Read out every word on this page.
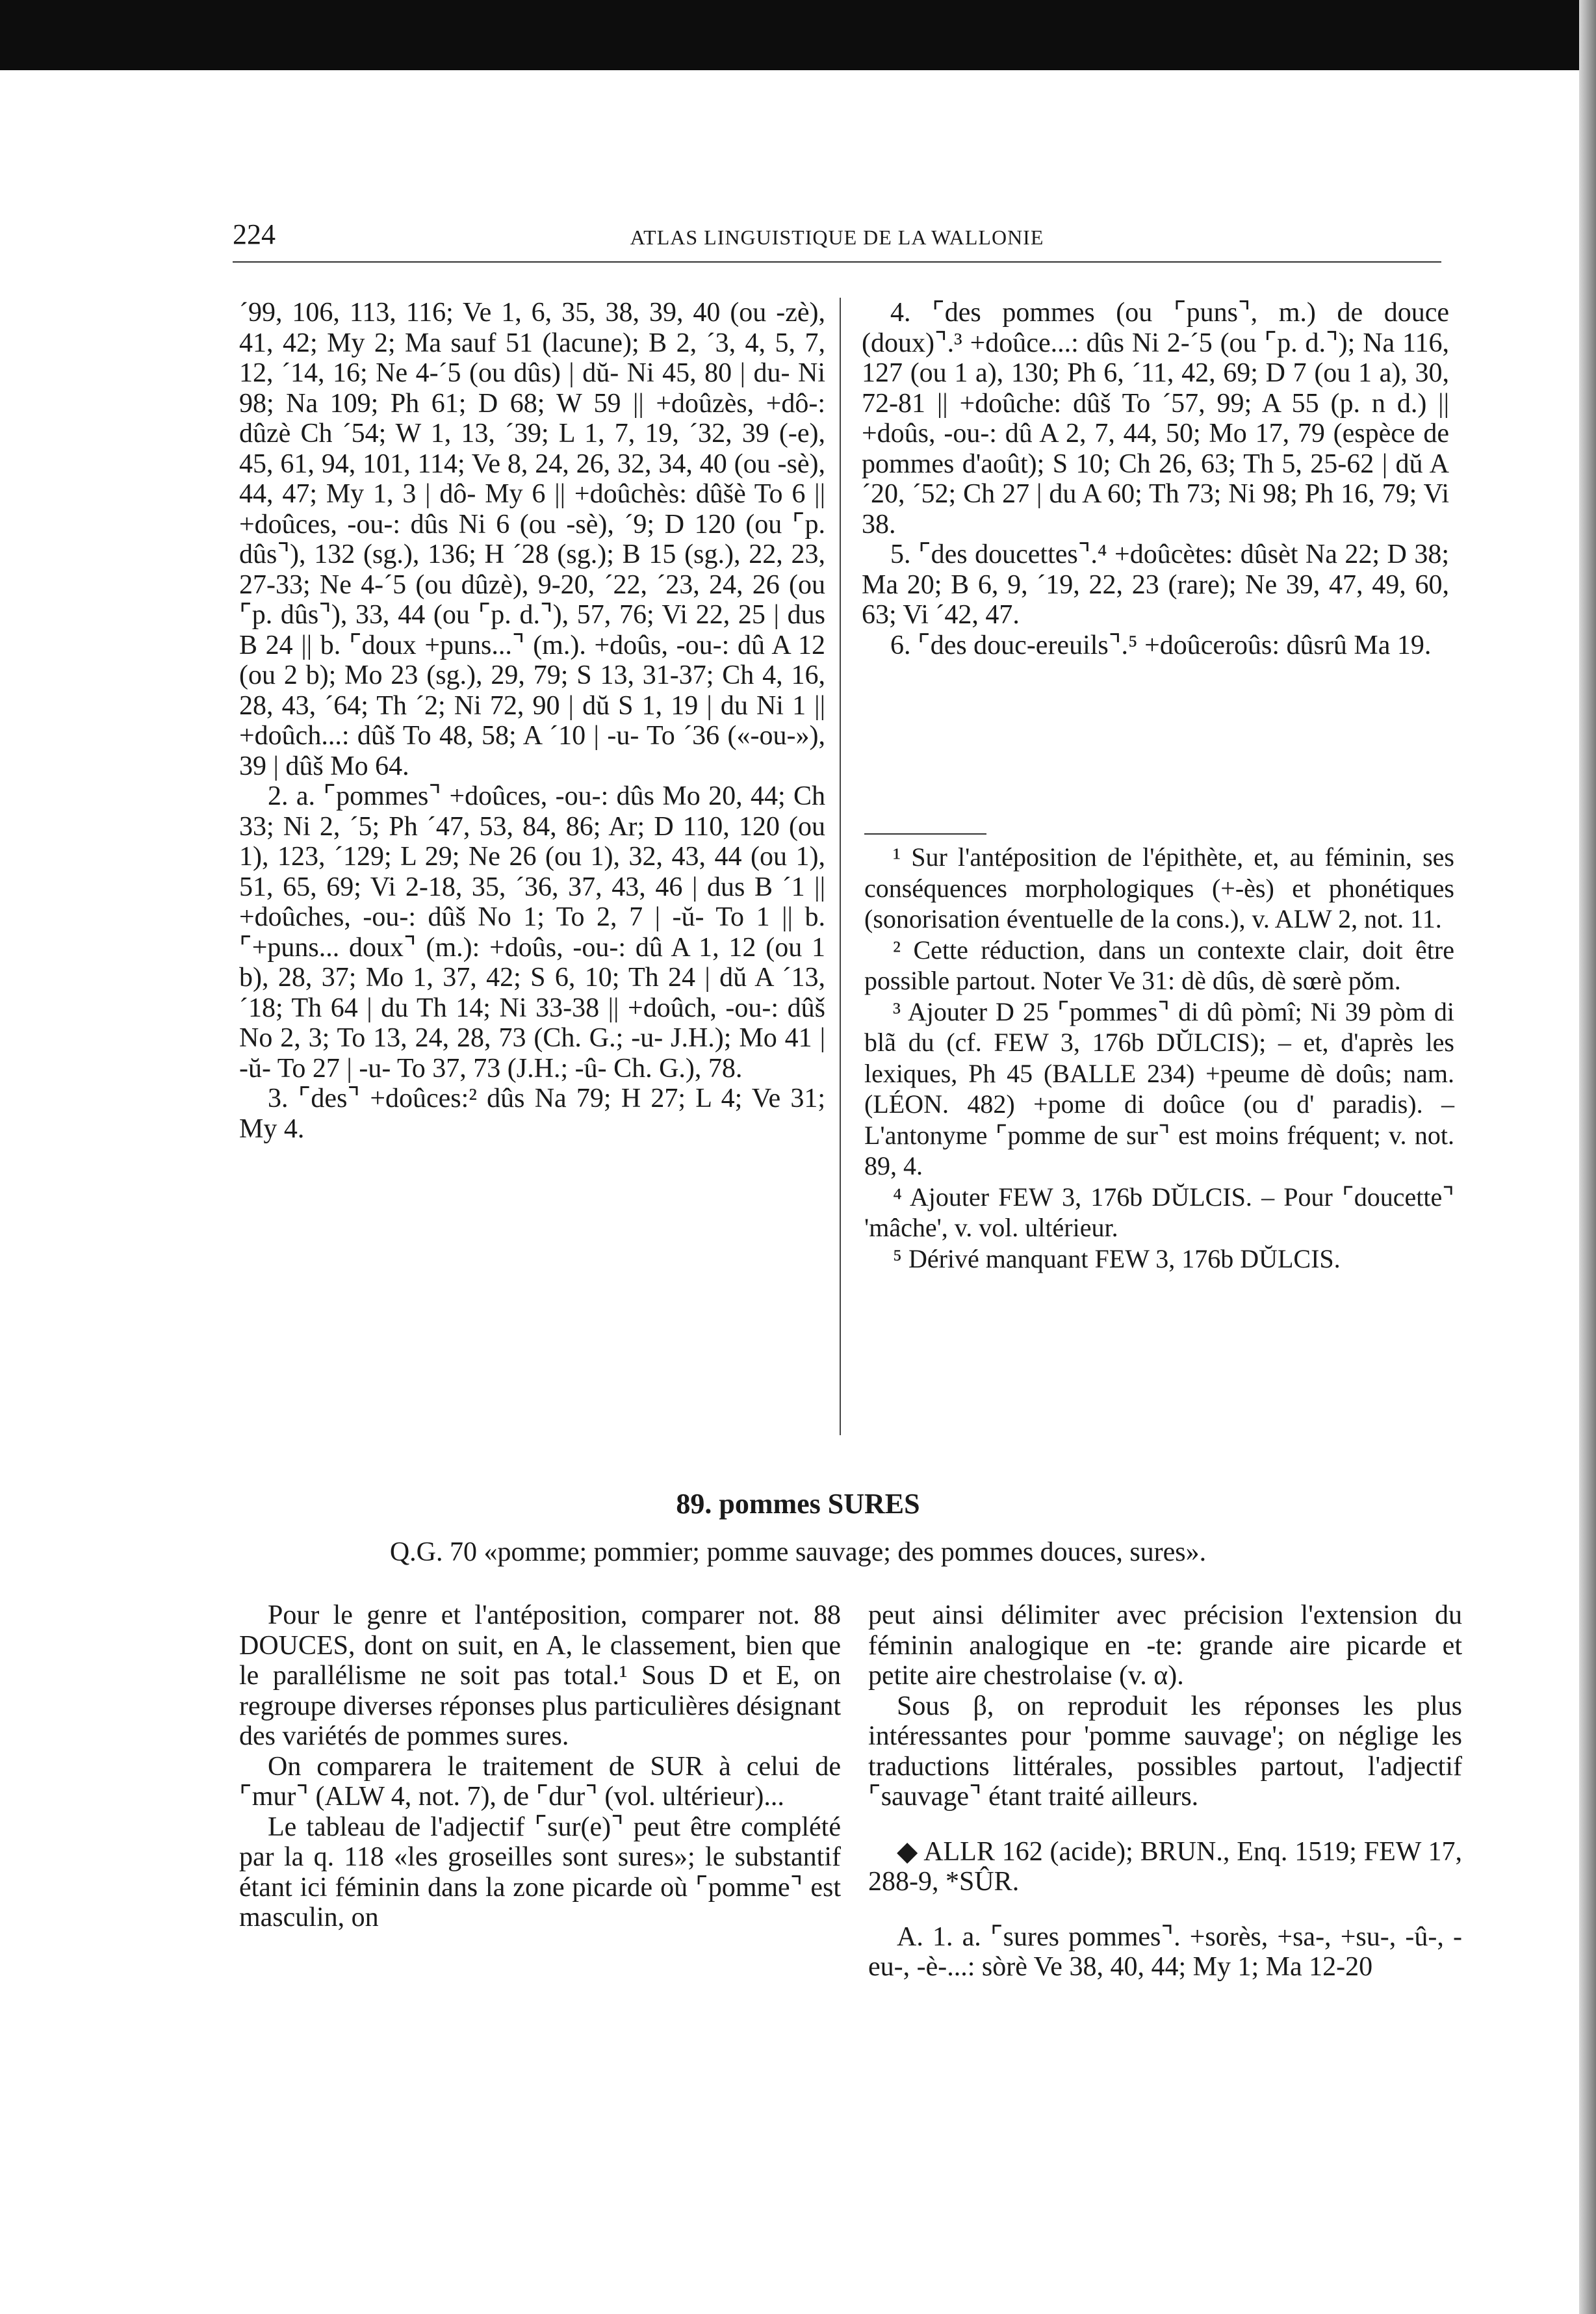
224	ATLAS LINGUISTIQUE DE LA WALLONIE

´99, 106, 113, 116; Ve 1, 6, 35, 38, 39, 40 (ou -zè), 41, 42; My 2; Ma sauf 51 (lacune); B 2, ´3, 4, 5, 7, 12, ´14, 16; Ne 4-´5 (ou dûs) | dŭ- Ni 45, 80 | du- Ni 98; Na 109; Ph 61; D 68; W 59 || +doûzès, +dô-: dûzè Ch ´54; W 1, 13, ´39; L 1, 7, 19, ´32, 39 (-e), 45, 61, 94, 101, 114; Ve 8, 24, 26, 32, 34, 40 (ou -sè), 44, 47; My 1, 3 | dô- My 6 || +doûchès: dûšè To 6 || +doûces, -ou-: dûs Ni 6 (ou -sè), ´9; D 120 (ou ⌜p. dûs⌝), 132 (sg.), 136; H ´28 (sg.); B 15 (sg.), 22, 23, 27-33; Ne 4-´5 (ou dûzè), 9-20, ´22, ´23, 24, 26 (ou ⌜p. dûs⌝), 33, 44 (ou ⌜p. d.⌝), 57, 76; Vi 22, 25 | dus B 24 || b. ⌜doux +puns...⌝ (m.). +doûs, -ou-: dû A 12 (ou 2 b); Mo 23 (sg.), 29, 79; S 13, 31-37; Ch 4, 16, 28, 43, ´64; Th ´2; Ni 72, 90 | dŭ S 1, 19 | du Ni 1 || +doûch...: dûš To 48, 58; A ´10 | -u- To ´36 («-ou-»), 39 | dûš Mo 64.

2. a. ⌜pommes⌝ +doûces, -ou-: dûs Mo 20, 44; Ch 33; Ni 2, ´5; Ph ´47, 53, 84, 86; Ar; D 110, 120 (ou 1), 123, ´129; L 29; Ne 26 (ou 1), 32, 43, 44 (ou 1), 51, 65, 69; Vi 2-18, 35, ´36, 37, 43, 46 | dus B ´1 || +doûches, -ou-: dûš No 1; To 2, 7 | -ŭ- To 1 || b. ⌜+puns... doux⌝ (m.): +doûs, -ou-: dû A 1, 12 (ou 1 b), 28, 37; Mo 1, 37, 42; S 6, 10; Th 24 | dŭ A ´13, ´18; Th 64 | du Th 14; Ni 33-38 || +doûch, -ou-: dûš No 2, 3; To 13, 24, 28, 73 (Ch. G.; -u- J.H.); Mo 41 | -ŭ- To 27 | -u- To 37, 73 (J.H.; -û- Ch. G.), 78.

3. ⌜des⌝ +doûces:² dûs Na 79; H 27; L 4; Ve 31; My 4.

4. ⌜des pommes (ou ⌜puns⌝, m.) de douce (doux)⌝.³ +doûce...: dûs Ni 2-´5 (ou ⌜p. d.⌝); Na 116, 127 (ou 1 a), 130; Ph 6, ´11, 42, 69; D 7 (ou 1 a), 30, 72-81 || +doûche: dûš To ´57, 99; A 55 (p. n d.) || +doûs, -ou-: dû A 2, 7, 44, 50; Mo 17, 79 (espèce de pommes d'août); S 10; Ch 26, 63; Th 5, 25-62 | dŭ A ´20, ´52; Ch 27 | du A 60; Th 73; Ni 98; Ph 16, 79; Vi 38.

5. ⌜des doucettes⌝.⁴ +doûcètes: dûsèt Na 22; D 38; Ma 20; B 6, 9, ´19, 22, 23 (rare); Ne 39, 47, 49, 60, 63; Vi ´42, 47.

6. ⌜des douc-ereuils⌝.⁵ +doûceroûs: dûsrû Ma 19.

¹ Sur l'antéposition de l'épithète, et, au féminin, ses conséquences morphologiques (+-ès) et phonétiques (sonorisation éventuelle de la cons.), v. ALW 2, not. 11.

² Cette réduction, dans un contexte clair, doit être possible partout. Noter Ve 31: dè dûs, dè sœrè pŏm.

³ Ajouter D 25 ⌜pommes⌝ di dû pòmî; Ni 39 pòm di blã du (cf. FEW 3, 176b DŬLCIS); – et, d'après les lexiques, Ph 45 (BALLE 234) +peume dè doûs; nam. (LÉON. 482) +pome di doûce (ou d' paradis). – L'antonyme ⌜pomme de sur⌝ est moins fréquent; v. not. 89, 4.

⁴ Ajouter FEW 3, 176b DŬLCIS. – Pour ⌜doucette⌝ 'mâche', v. vol. ultérieur.

⁵ Dérivé manquant FEW 3, 176b DŬLCIS.

89. pommes SURES
Q.G. 70 «pomme; pommier; pomme sauvage; des pommes douces, sures».

Pour le genre et l'antéposition, comparer not. 88 DOUCES, dont on suit, en A, le classement, bien que le parallélisme ne soit pas total.¹ Sous D et E, on regroupe diverses réponses plus particulières désignant des variétés de pommes sures.

On comparera le traitement de SUR à celui de ⌜mur⌝ (ALW 4, not. 7), de ⌜dur⌝ (vol. ultérieur)...

Le tableau de l'adjectif ⌜sur(e)⌝ peut être complété par la q. 118 «les groseilles sont sures»; le substantif étant ici féminin dans la zone picarde où ⌜pomme⌝ est masculin, on

peut ainsi délimiter avec précision l'extension du féminin analogique en -te: grande aire picarde et petite aire chestrolaise (v. α).

Sous β, on reproduit les réponses les plus intéressantes pour 'pomme sauvage'; on néglige les traductions littérales, possibles partout, l'adjectif ⌜sauvage⌝ étant traité ailleurs.

◆ ALLR 162 (acide); BRUN., Enq. 1519; FEW 17, 288-9, *SÛR.

A. 1. a. ⌜sures pommes⌝. +sorès, +sa-, +su-, -û-, -eu-, -è-...: sòrè Ve 38, 40, 44; My 1; Ma 12-20
